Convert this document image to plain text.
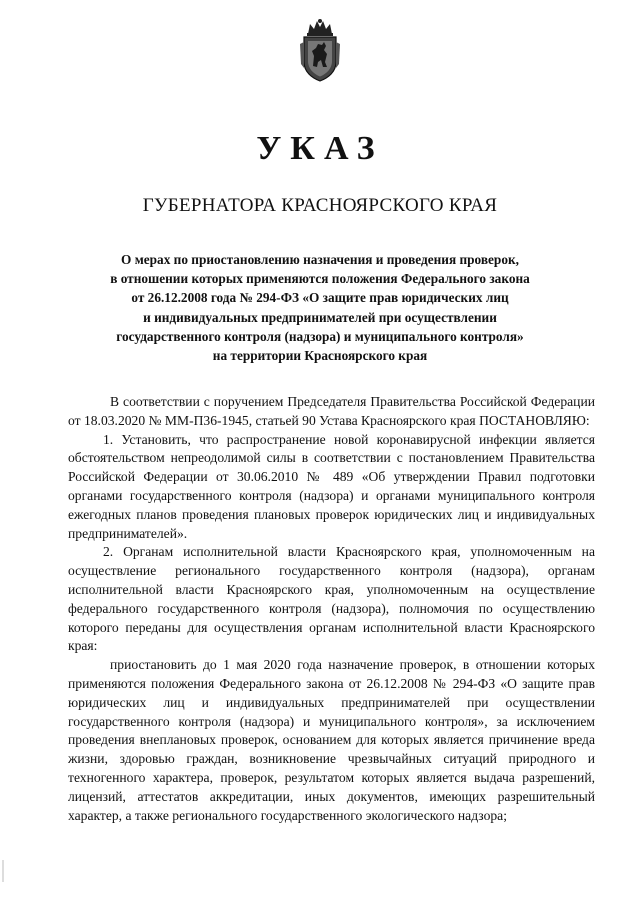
УКАЗ
ГУБЕРНАТОРА КРАСНОЯРСКОГО КРАЯ
О мерах по приостановлению назначения и проведения проверок,
в отношении которых применяются положения Федерального закона
от 26.12.2008 года № 294-ФЗ «О защите прав юридических лиц
и индивидуальных предпринимателей при осуществлении
государственного контроля (надзора) и муниципального контроля»
на территории Красноярского края

В соответствии с поручением Председателя Правительства Российской Федерации от 18.03.2020 № ММ-П36-1945, статьей 90 Устава Красноярского края ПОСТАНОВЛЯЮ:

1. Установить, что распространение новой коронавирусной инфекции является обстоятельством непреодолимой силы в соответствии с постановлением Правительства Российской Федерации от 30.06.2010 № 489 «Об утверждении Правил подготовки органами государственного контроля (надзора) и органами муниципального контроля ежегодных планов проведения плановых проверок юридических лиц и индивидуальных предпринимателей».

2. Органам исполнительной власти Красноярского края, уполномоченным на осуществление регионального государственного контроля (надзора), органам исполнительной власти Красноярского края, уполномоченным на осуществление федерального государственного контроля (надзора), полномочия по осуществлению которого переданы для осуществления органам исполнительной власти Красноярского края:

приостановить до 1 мая 2020 года назначение проверок, в отношении которых применяются положения Федерального закона от 26.12.2008 № 294-ФЗ «О защите прав юридических лиц и индивидуальных предпринимателей при осуществлении государственного контроля (надзора) и муниципального контроля», за исключением проведения внеплановых проверок, основанием для которых является причинение вреда жизни, здоровью граждан, возникновение чрезвычайных ситуаций природного и техногенного характера, проверок, результатом которых является выдача разрешений, лицензий, аттестатов аккредитации, иных документов, имеющих разрешительный характер, а также регионального государственного экологического надзора;
